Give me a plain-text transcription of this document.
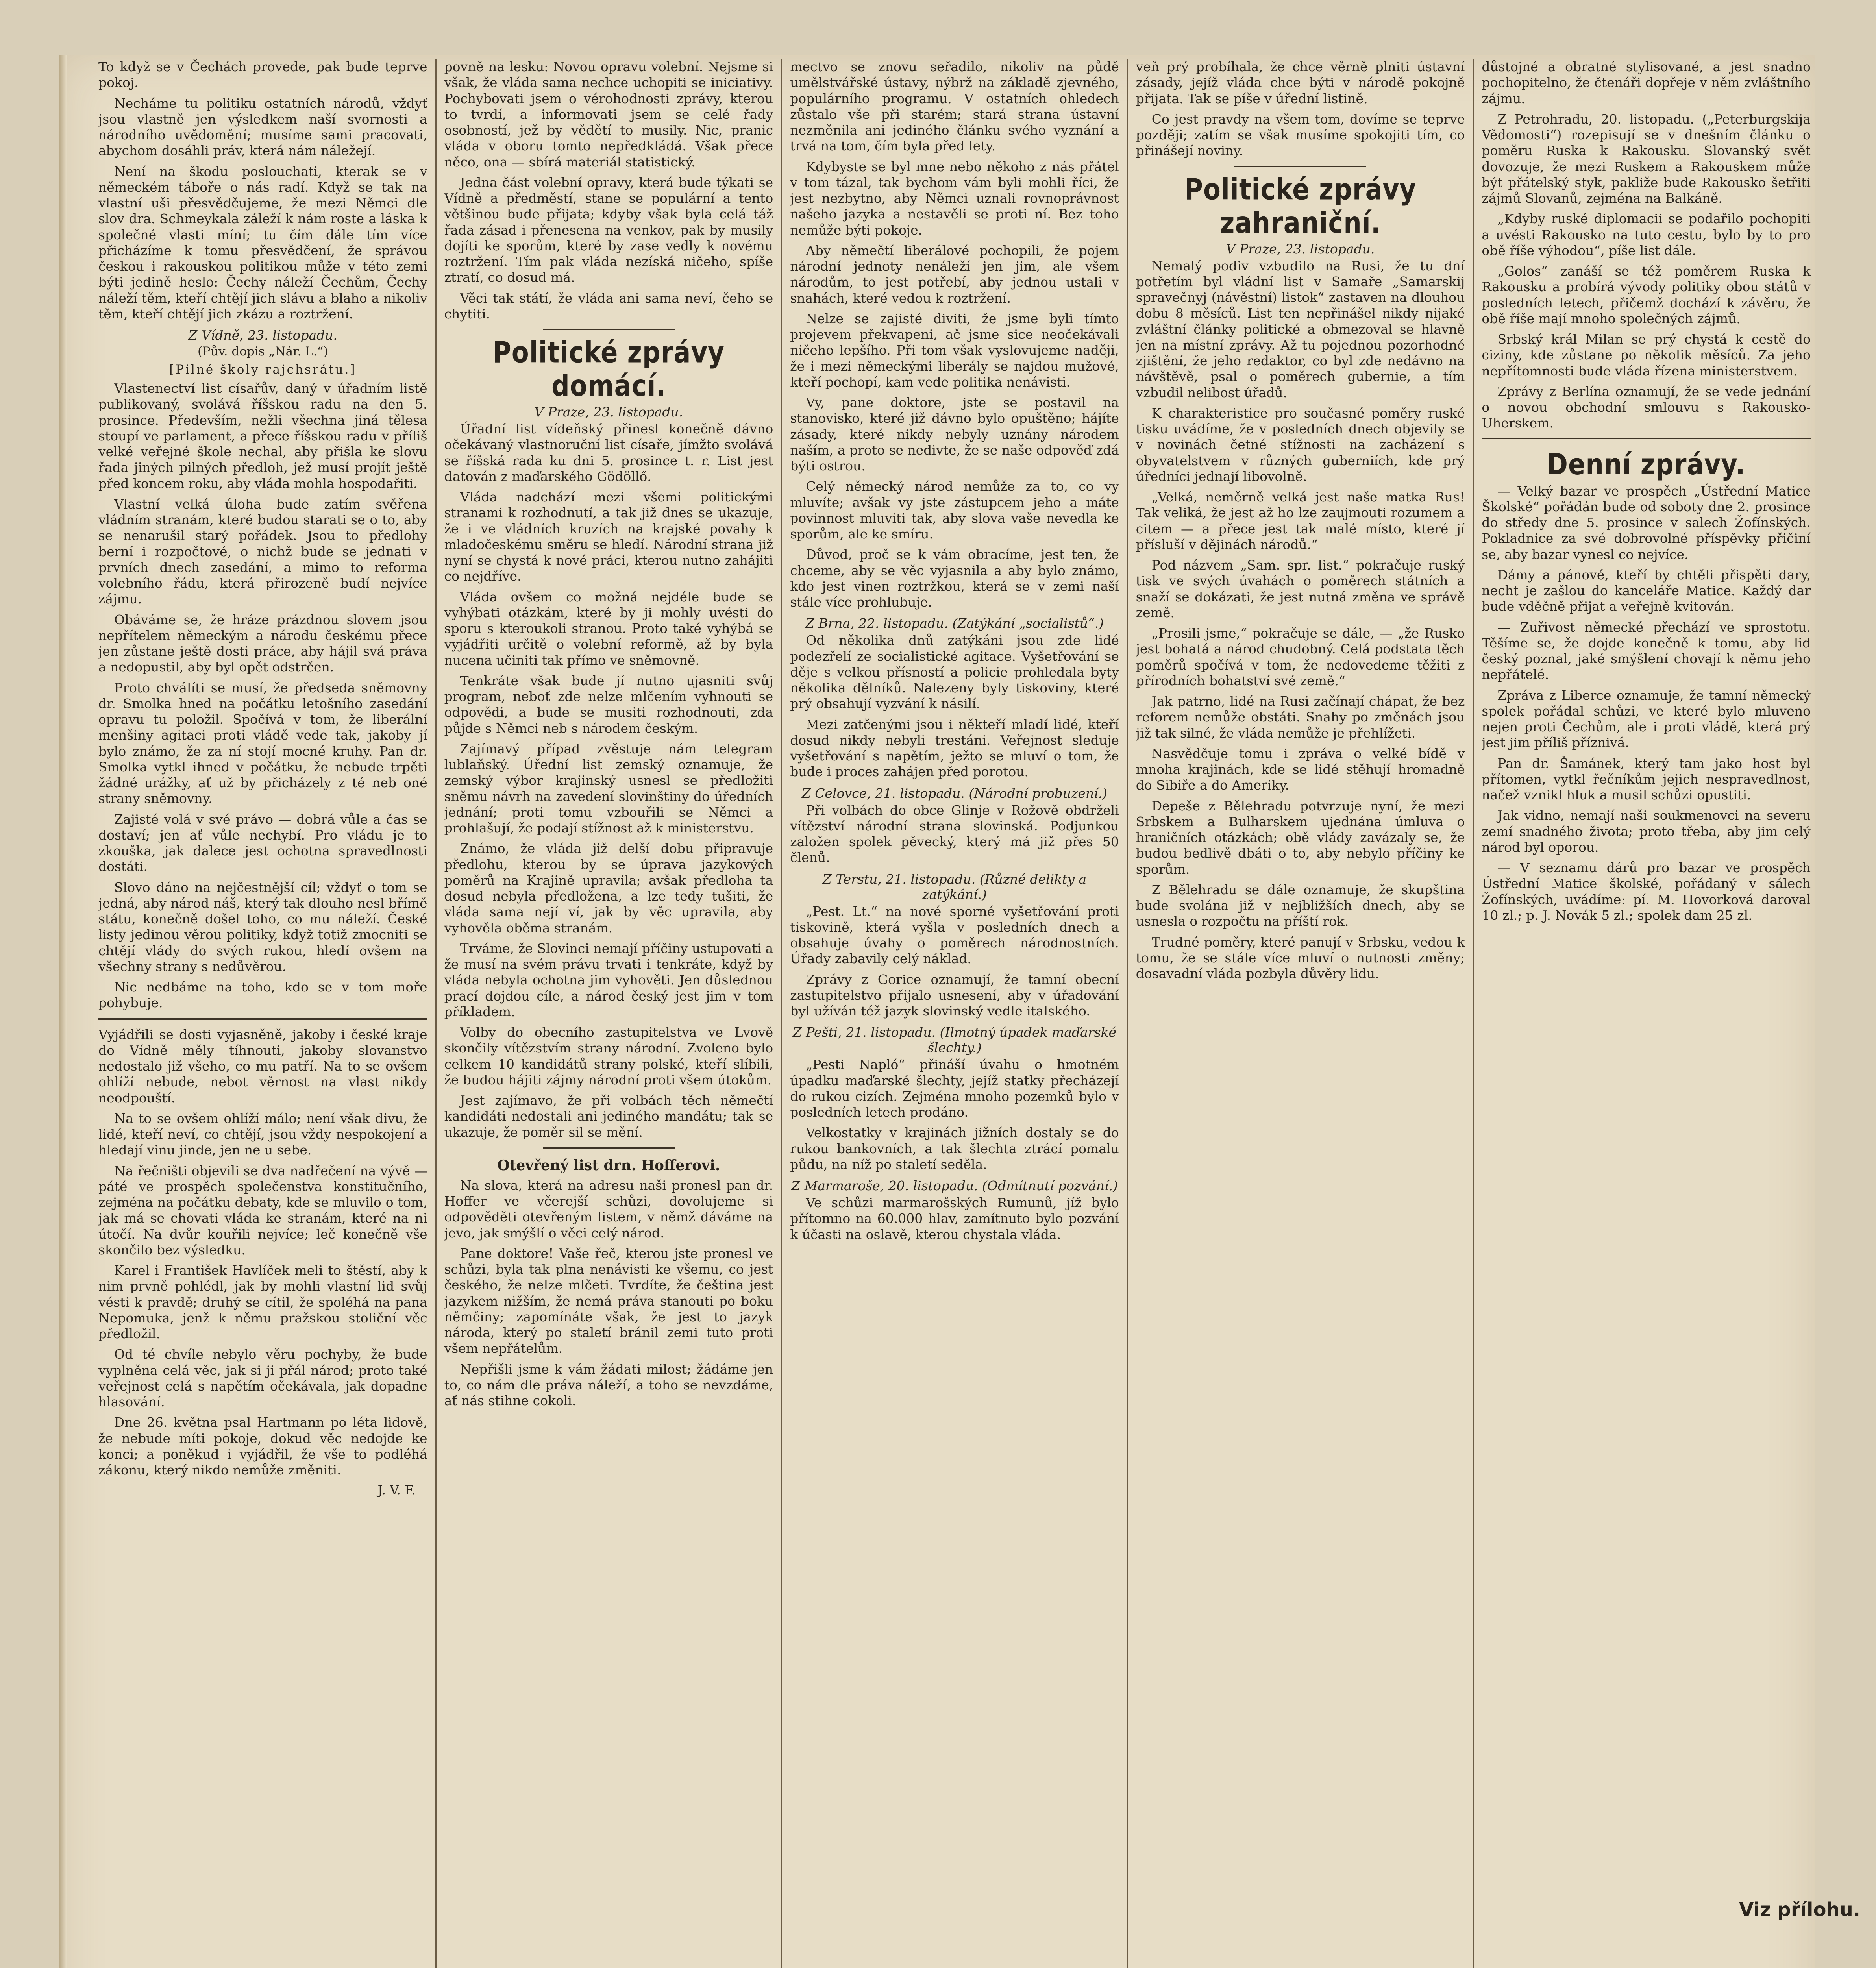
To když se v Čechách provede, pak bude teprve pokoj.

Nechámе tu politiku ostatních národů, vždyť jsou vlastně jen výsledkem naší svornosti a národního uvědomění; musíme sami pracovati, abychom dosáhli práv, která nám náležejí.

Není na škodu poslouchati, kterak se v německém táboře o nás radí. Když se tak na vlastní uši přesvědčujeme, že mezi Němci dle slov dra. Schmeykala záleží k nám roste a láska k společné vlasti míní; tu čím dále tím více přicházíme k tomu přesvědčení, že správou českou i rakouskou politikou může v této zemi býti jedině heslo: Čechy náleží Čechům, Čechy náleží těm, kteří chtějí jich slávu a blaho a nikoliv těm, kteří chtějí jich zkázu a roztržení.

Z Vídně, 23. listopadu.
(Pův. dopis „Nár. L.“)
[Pilné školy rajchsrátu.]

Vlastenectví list císařův, daný v úřadním listě publikovaný, svolává říšskou radu na den 5. prosince. Především, nežli všechna jiná tělesa stoupí ve parlament, a přece říšskou radu v příliš velké veřejné škole nechal, aby přišla ke slovu řada jiných pilných předloh, jež musí projít ještě před koncem roku, aby vláda mohla hospodařiti.

Vlastní velká úloha bude zatím svěřena vládním stranám, které budou starati se o to, aby se nenarušil starý pořádek. Jsou to předlohy berní i rozpočtové, o nichž bude se jednati v prvních dnech zasedání, a mimo to reforma volebního řádu, která přirozeně budí nejvíce zájmu.

Obáváme se, že hráze prázdnou slovem jsou nepřítelem německým a národu českému přece jen zůstane ještě dosti práce, aby hájil svá práva a nedopustil, aby byl opět odstrčen.

Proto chválíti se musí, že předseda sněmovny dr. Smolka hned na počátku letošního zasedání opravu tu položil. Spočívá v tom, že liberální menšiny agitaci proti vládě vede tak, jakoby jí bylo známo, že za ní stojí mocné kruhy. Pan dr. Smolka vytkl ihned v počátku, že nebude trpěti žádné urážky, ať už by přicházely z té neb oné strany sněmovny.

Zajisté volá v své právo — dobrá vůle a čas se dostaví; jen ať vůle nechybí. Pro vládu je to zkouška, jak dalece jest ochotna spravedlnosti dostáti.

Slovo dáno na nejčestnější cíl; vždyť o tom se jedná, aby národ náš, který tak dlouho nesl břímě státu, konečně došel toho, co mu náleží. České listy jedinou věrou politiky, když totiž zmocniti se chtějí vlády do svých rukou, hledí ovšem na všechny strany s nedůvěrou.

Nic nedbáme na toho, kdo se v tom moře pohybuje.

Vyjádřili se dosti vyjasněně, jakoby i české kraje do Vídně měly tíhnouti, jakoby slovanstvo nedostalo již všeho, co mu patří. Na to se ovšem ohlíží nebude, nebot věrnost na vlast nikdy neodpouští.

Na to se ovšem ohlíží málo; není však divu, že lidé, kteří neví, co chtějí, jsou vždy nespokojení a hledají vinu jinde, jen ne u sebe.

Na řečništi objevili se dva nadřečení na vývě — páté ve prospěch společenstva konstitučního, zejména na počátku debaty, kde se mluvilo o tom, jak má se chovati vláda ke stranám, které na ni útočí. Na dvůr kouřili nejvíce; leč konečně vše skončilo bez výsledku.

Karel i František Havlíček meli to štěstí, aby k nim prvně pohlédl, jak by mohli vlastní lid svůj vésti k pravdě; druhý se cítil, že spoléhá na pana Nepomuka, jenž k němu pražskou stoliční věc předložil.

Od té chvíle nebylo věru pochyby, že bude vyplněna celá věc, jak si ji přál národ; proto také veřejnost celá s napětím očekávala, jak dopadne hlasování.

Dne 26. května psal Hartmann po léta lidově, že nebude míti pokoje, dokud věc nedojde ke konci; a poněkud i vyjádřil, že vše to podléhá zákonu, který nikdo nemůže změniti.

J. V. F.

povně na lesku: Novou opravu volební. Nejsme si však, že vláda sama nechce uchopiti se iniciativy. Pochybovati jsem o vérohodnosti zprávy, kterou to tvrdí, a informovati jsem se celé řady osobností, jež by vědětí to musily. Nic, pranic vláda v oboru tomto nepředkládá. Však přece něco, ona — sbírá materiál statistický.

Jedna část volební opravy, která bude týkati se Vídně a předměstí, stane se populární a tento většinou bude přijata; kdyby však byla celá táž řada zásad i přenesena na venkov, pak by musily dojíti ke sporům, které by zase vedly k novému roztržení. Tím pak vláda nezíská ničeho, spíše ztratí, co dosud má.

Věci tak státí, že vláda ani sama neví, čeho se chytiti.

Politické zprávy domácí.
V Praze, 23. listopadu.

Úřadní list vídeňský přinesl konečně dávno očekávaný vlastnoruční list císaře, jímžto svolává se říšská rada ku dni 5. prosince t. r. List jest datován z maďarského Gödöllő.

Vláda nadchází mezi všemi politickými stranami k rozhodnutí, a tak již dnes se ukazuje, že i ve vládních kruzích na krajské povahy k mladočeskému směru se hledí. Národní strana již nyní se chystá k nové práci, kterou nutno zahájiti co nejdříve.

Vláda ovšem co možná nejdéle bude se vyhýbati otázkám, které by ji mohly uvésti do sporu s kteroukoli stranou. Proto také vyhýbá se vyjádřiti určitě o volební reformě, až by byla nucena učiniti tak přímo ve sněmovně.

Tenkráte však bude jí nutno ujasniti svůj program, neboť zde nelze mlčením vyhnouti se odpovědi, a bude se musiti rozhodnouti, zda půjde s Němci neb s národem českým.

Zajímavý případ zvěstuje nám telegram lublaňský. Úřední list zemský oznamuje, že zemský výbor krajinský usnesl se předložiti sněmu návrh na zavedení slovinštiny do úředních jednání; proti tomu vzbouřili se Němci a prohlašují, že podají stížnost až k ministerstvu.

Známo, že vláda již delší dobu připravuje předlohu, kterou by se úprava jazykových poměrů na Krajině upravila; avšak předloha ta dosud nebyla předložena, a lze tedy tušiti, že vláda sama nejí ví, jak by věc upravila, aby vyhověla oběma stranám.

Trváme, že Slovinci nemají příčiny ustupovati a že musí na svém právu trvati i tenkráte, když by vláda nebyla ochotna jim vyhověti. Jen důslednou prací dojdou cíle, a národ český jest jim v tom příkladem.

Volby do obecního zastupitelstva ve Lvově skončily vítězstvím strany národní. Zvoleno bylo celkem 10 kandidátů strany polské, kteří slíbili, že budou hájiti zájmy národní proti všem útokům.

Jest zajímavo, že při volbách těch němečtí kandidáti nedostali ani jediného mandátu; tak se ukazuje, že poměr sil se mění.

Otevřený list drn. Hofferovi.

Na slova, která na adresu naši pronesl pan dr. Hoffer ve včerejší schůzi, dovolujeme si odpověděti otevřeným listem, v němž dáváme na jevo, jak smýšlí o věci celý národ.

Pane doktore! Vaše řeč, kterou jste pronesl ve schůzi, byla tak plna nenávisti ke všemu, co jest českého, že nelze mlčeti. Tvrdíte, že čeština jest jazykem nižším, že nemá práva stanouti po boku němčiny; zapomínáte však, že jest to jazyk národa, který po staletí bránil zemi tuto proti všem nepřátelům.

Nepřišli jsme k vám žádati milost; žádáme jen to, co nám dle práva náleží, a toho se nevzdáme, ať nás stihne cokoli.

mectvo se znovu seřadilo, nikoliv na půdě umělstvářské ústavy, nýbrž na základě zjevného, populárního programu. V ostatních ohledech zůstalo vše při starém; stará strana ústavní nezměnila ani jediného článku svého vyznání a trvá na tom, čím byla před lety.

Kdybyste se byl mne nebo někoho z nás přátel v tom tázal, tak bychom vám byli mohli říci, že jest nezbytno, aby Němci uznali rovnoprávnost našeho jazyka a nestavěli se proti ní. Bez toho nemůže býti pokoje.

Aby němečtí liberálové pochopili, že pojem národní jednoty nenáleží jen jim, ale všem národům, to jest potřebí, aby jednou ustali v snahách, které vedou k roztržení.

Nelze se zajisté diviti, že jsme byli tímto projevem překvapeni, ač jsme sice neočekávali ničeho lepšího. Při tom však vyslovujeme naději, že i mezi německými liberály se najdou mužové, kteří pochopí, kam vede politika nenávisti.

Vy, pane doktore, jste se postavil na stanovisko, které již dávno bylo opuštěno; hájíte zásady, které nikdy nebyly uznány národem naším, a proto se nedivte, že se naše odpověď zdá býti ostrou.

Celý německý národ nemůže za to, co vy mluvíte; avšak vy jste zástupcem jeho a máte povinnost mluviti tak, aby slova vaše nevedla ke sporům, ale ke smíru.

Důvod, proč se k vám obracíme, jest ten, že chceme, aby se věc vyjasnila a aby bylo známo, kdo jest vinen roztržkou, která se v zemi naší stále více prohlubuje.

Z Brna, 22. listopadu. (Zatýkání „socialistů“.)

Od několika dnů zatýkáni jsou zde lidé podezřelí ze socialistické agitace. Vyšetřování se děje s velkou přísností a policie prohledala byty několika dělníků. Nalezeny byly tiskoviny, které prý obsahují vyzvání k násilí.

Mezi zatčenými jsou i někteří mladí lidé, kteří dosud nikdy nebyli trestáni. Veřejnost sleduje vyšetřování s napětím, ježto se mluví o tom, že bude i proces zahájen před porotou.

Z Celovce, 21. listopadu. (Národní probuzení.)

Při volbách do obce Glinje v Rožově obdrželi vítězství národní strana slovinská. Podjunkou založen spolek pěvecký, který má již přes 50 členů.

Z Terstu, 21. listopadu. (Různé delikty a zatýkání.)

„Pest. Lt.“ na nové sporné vyšetřování proti tiskovině, která vyšla v posledních dnech a obsahuje úvahy o poměrech národnostních. Úřady zabavily celý náklad.

Zprávy z Gorice oznamují, že tamní obecní zastupitelstvo přijalo usnesení, aby v úřadování byl užíván též jazyk slovinský vedle italského.

Z Pešti, 21. listopadu. (Ilmotný úpadek maďarské šlechty.)

„Pesti Napló“ přináší úvahu o hmotném úpadku maďarské šlechty, jejíž statky přecházejí do rukou cizích. Zejména mnoho pozemků bylo v posledních letech prodáno.

Velkostatky v krajinách jižních dostaly se do rukou bankovních, a tak šlechta ztrácí pomalu půdu, na níž po staletí seděla.

Z Marmaroše, 20. listopadu. (Odmítnutí pozvání.)

Ve schůzi marmarošských Rumunů, jíž bylo přítomno na 60.000 hlav, zamítnuto bylo pozvání k účasti na oslavě, kterou chystala vláda.

veň prý probíhala, že chce věrně plniti ústavní zásady, jejíž vláda chce býti v národě pokojně přijata. Tak se píše v úřední listině.

Co jest pravdy na všem tom, dovíme se teprve později; zatím se však musíme spokojiti tím, co přinášejí noviny.

Politické zprávy zahraniční.
V Praze, 23. listopadu.

Nemalý podiv vzbudilo na Rusi, že tu dní potřetím byl vládní list v Samaře „Samarskij spravečnyj (návěstní) listok“ zastaven na dlouhou dobu 8 měsíců. List ten nepřinášel nikdy nijaké zvláštní články politické a obmezoval se hlavně jen na místní zprávy. Až tu pojednou pozorhodné zjištění, že jeho redaktor, co byl zde nedávno na návštěvě, psal o poměrech gubernie, a tím vzbudil nelibost úřadů.

K charakteristice pro současné poměry ruské tisku uvádíme, že v posledních dnech objevily se v novinách četné stížnosti na zacházení s obyvatelstvem v různých guberniích, kde prý úředníci jednají libovolně.

„Velká, neměrně velká jest naše matka Rus! Tak veliká, že jest až ho lze zaujmouti rozumem a citem — a přece jest tak malé místo, které jí přísluší v dějinách národů.“

Pod názvem „Sam. spr. list.“ pokračuje ruský tisk ve svých úvahách o poměrech státních a snaží se dokázati, že jest nutná změna ve správě země.

„Prosili jsme,“ pokračuje se dále, — „že Rusko jest bohatá a národ chudobný. Celá podstata těch poměrů spočívá v tom, že nedovedeme těžiti z přírodních bohatství své země.“

Jak patrno, lidé na Rusi začínají chápat, že bez reforem nemůže obstáti. Snahy po změnách jsou již tak silné, že vláda nemůže je přehlížeti.

Nasvědčuje tomu i zpráva o velké bídě v mnoha krajinách, kde se lidé stěhují hromadně do Sibiře a do Ameriky.

Depeše z Bělehradu potvrzuje nyní, že mezi Srbskem a Bulharskem ujednána úmluva o hraničních otázkách; obě vlády zavázaly se, že budou bedlivě dbáti o to, aby nebylo příčiny ke sporům.

Z Bělehradu se dále oznamuje, že skupština bude svolána již v nejbližších dnech, aby se usnesla o rozpočtu na příští rok.

Trudné poměry, které panují v Srbsku, vedou k tomu, že se stále více mluví o nutnosti změny; dosavadní vláda pozbyla důvěry lidu.

důstojné a obratné stylisované, a jest snadno pochopitelno, že čtenáři dopřeje v něm zvláštního zájmu.

Z Petrohradu, 20. listopadu. („Peterburgskija Vědomosti“) rozepisují se v dnešním článku o poměru Ruska k Rakousku. Slovanský svět dovozuje, že mezi Ruskem a Rakouskem může být přátelský styk, pakliže bude Rakousko šetřiti zájmů Slovanů, zejména na Balkáně.

„Kdyby ruské diplomacii se podařilo pochopiti a uvésti Rakousko na tuto cestu, bylo by to pro obě říše výhodou“, píše list dále.

„Golos“ zanáší se též poměrem Ruska k Rakousku a probírá vývody politiky obou států v posledních letech, přičemž dochází k závěru, že obě říše mají mnoho společných zájmů.

Srbský král Milan se prý chystá k cestě do ciziny, kde zůstane po několik měsíců. Za jeho nepřítomnosti bude vláda řízena ministerstvem.

Zprávy z Berlína oznamují, že se vede jednání o novou obchodní smlouvu s Rakousko-Uherskem.

Denní zprávy.

— Velký bazar ve prospěch „Ústřední Matice Školské“ pořádán bude od soboty dne 2. prosince do středy dne 5. prosince v salech Žofínských. Pokladnice za své dobrovolné příspěvky přičiní se, aby bazar vynesl co nejvíce.

Dámy a pánové, kteří by chtěli přispěti dary, necht je zašlou do kanceláře Matice. Každý dar bude vděčně přijat a veřejně kvitován.

— Zuřivost německé přechází ve sprostotu. Těšíme se, že dojde konečně k tomu, aby lid český poznal, jaké smýšlení chovají k němu jeho nepřátelé.

Zpráva z Liberce oznamuje, že tamní německý spolek pořádal schůzi, ve které bylo mluveno nejen proti Čechům, ale i proti vládě, která prý jest jim příliš příznivá.

Pan dr. Šamánek, který tam jako host byl přítomen, vytkl řečníkům jejich nespravedlnost, načež vznikl hluk a musil schůzi opustiti.

Jak vidno, nemají naši soukmenovci na severu zemí snadného života; proto třeba, aby jim celý národ byl oporou.

— V seznamu dárů pro bazar ve prospěch Ústřední Matice školské, pořádaný v sálech Žofínských, uvádíme: pí. M. Hovorková daroval 10 zl.; p. J. Novák 5 zl.; spolek dam 25 zl.

Viz přílohu.
